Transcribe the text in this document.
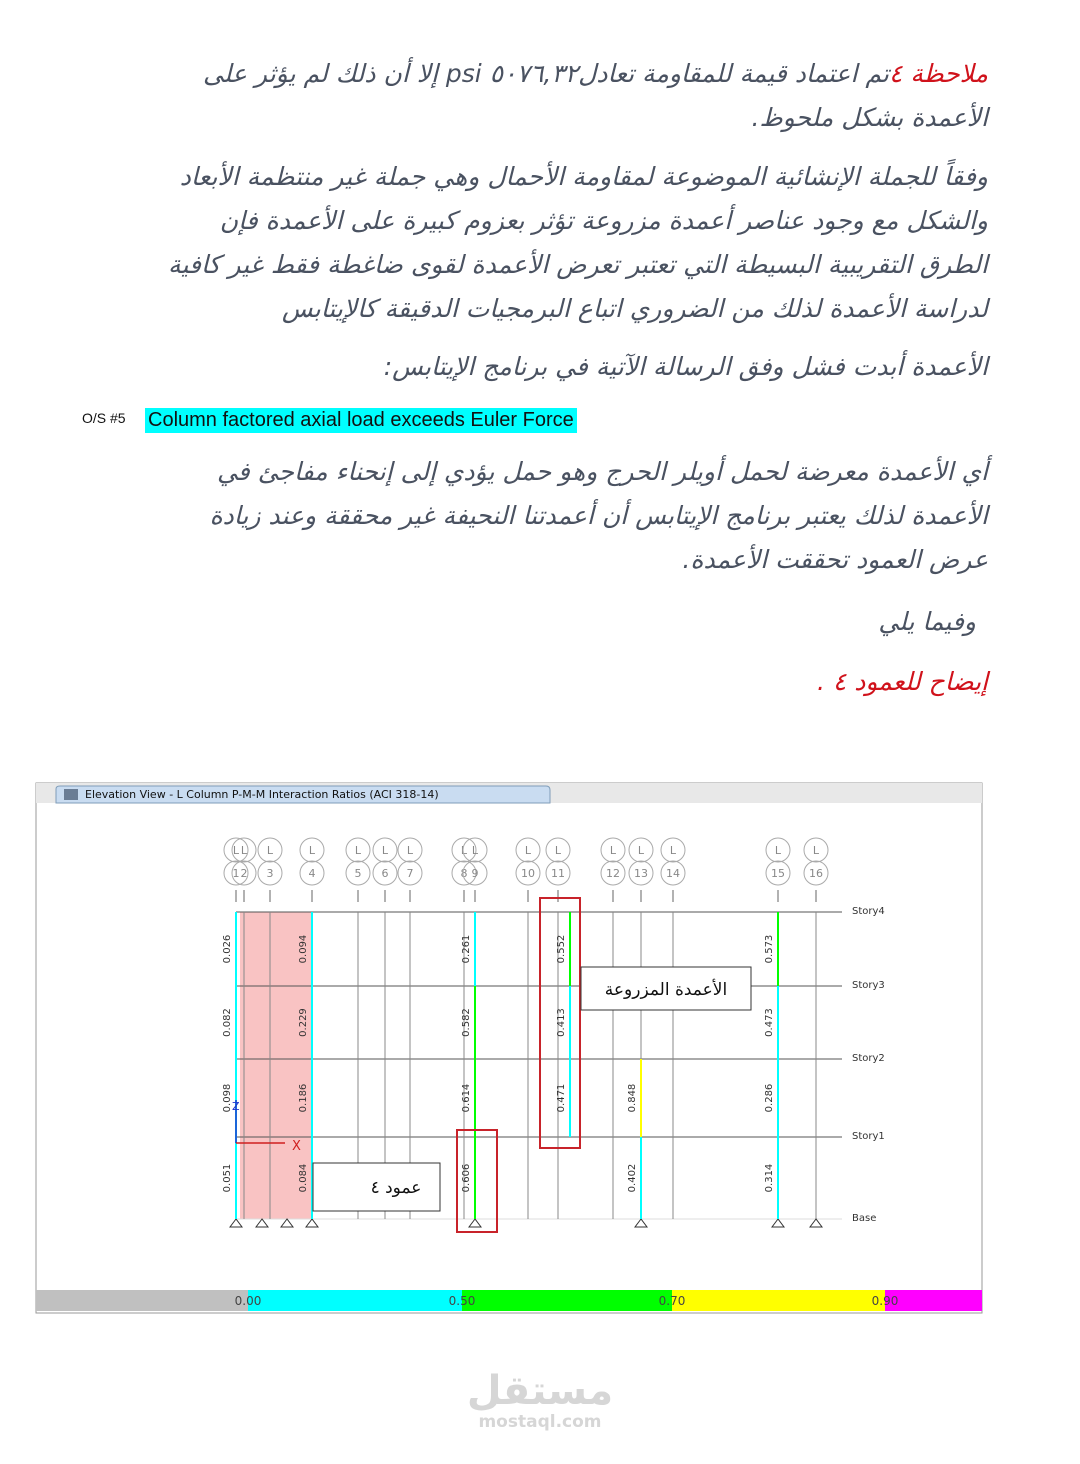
ملاحظة ٤تم اعتماد قيمة للمقاومة تعادل٥٠٧٦,٣٢ psi إلا أن ذلك لم يؤثر على
الأعمدة بشكل ملحوظ.
وفقاً للجملة الإنشائية الموضوعة لمقاومة الأحمال وهي جملة غير منتظمة الأبعاد
والشكل مع وجود عناصر أعمدة مزروعة تؤثر بعزوم كبيرة على الأعمدة فإن
الطرق التقريبية البسيطة التي تعتبر تعرض الأعمدة لقوى ضاغطة فقط غير كافية
لدراسة الأعمدة لذلك من الضروري اتباع البرمجيات الدقيقة كالإيتابس
الأعمدة أبدت فشل وفق الرسالة الآتية في برنامج الإيتابس:
O/S #5 Column factored axial load exceeds Euler Force
أي الأعمدة معرضة لحمل أويلر الحرج وهو حمل يؤدي إلى إنحناء مفاجئ في
الأعمدة لذلك يعتبر برنامج الإيتابس أن أعمدتنا النحيفة غير محققة وعند زيادة
عرض العمود تحققت الأعمدة.
وفيما يلي
إيضاح للعمود ٤ .
Elevation View - L Column P-M-M Interaction Ratios (ACI 318-14)
Story4
Story3
Story2
Story1
Base
L
1
L
2
L
3
L
4
L
5
L
6
L
7
L
8
L
9
L
10
L
11
L
12
L
13
L
14
L
15
L
16
0.026
0.082
0.098
0.051
0.094
0.229
0.186
0.084
0.261
0.582
0.614
0.606
0.552
0.413
0.471	0.848
0.402
0.573
0.473
0.286
0.314
عمود ٤
الأعمدة المزروعة
Z
X
0.00	0.50	0.70	0.90
مستقل
mostaql.com
